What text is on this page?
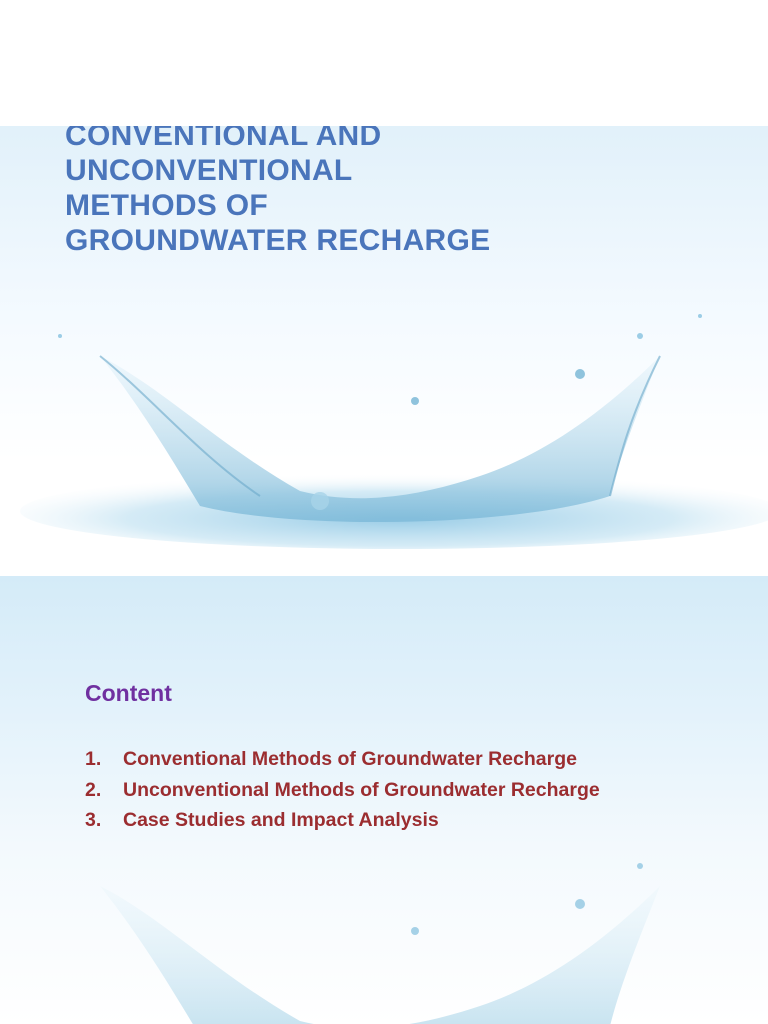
CONVENTIONAL AND
UNCONVENTIONAL
METHODS OF
GROUNDWATER RECHARGE
Content
1.	Conventional Methods of Groundwater Recharge
2.	Unconventional Methods of Groundwater Recharge
3.	Case Studies and Impact Analysis
